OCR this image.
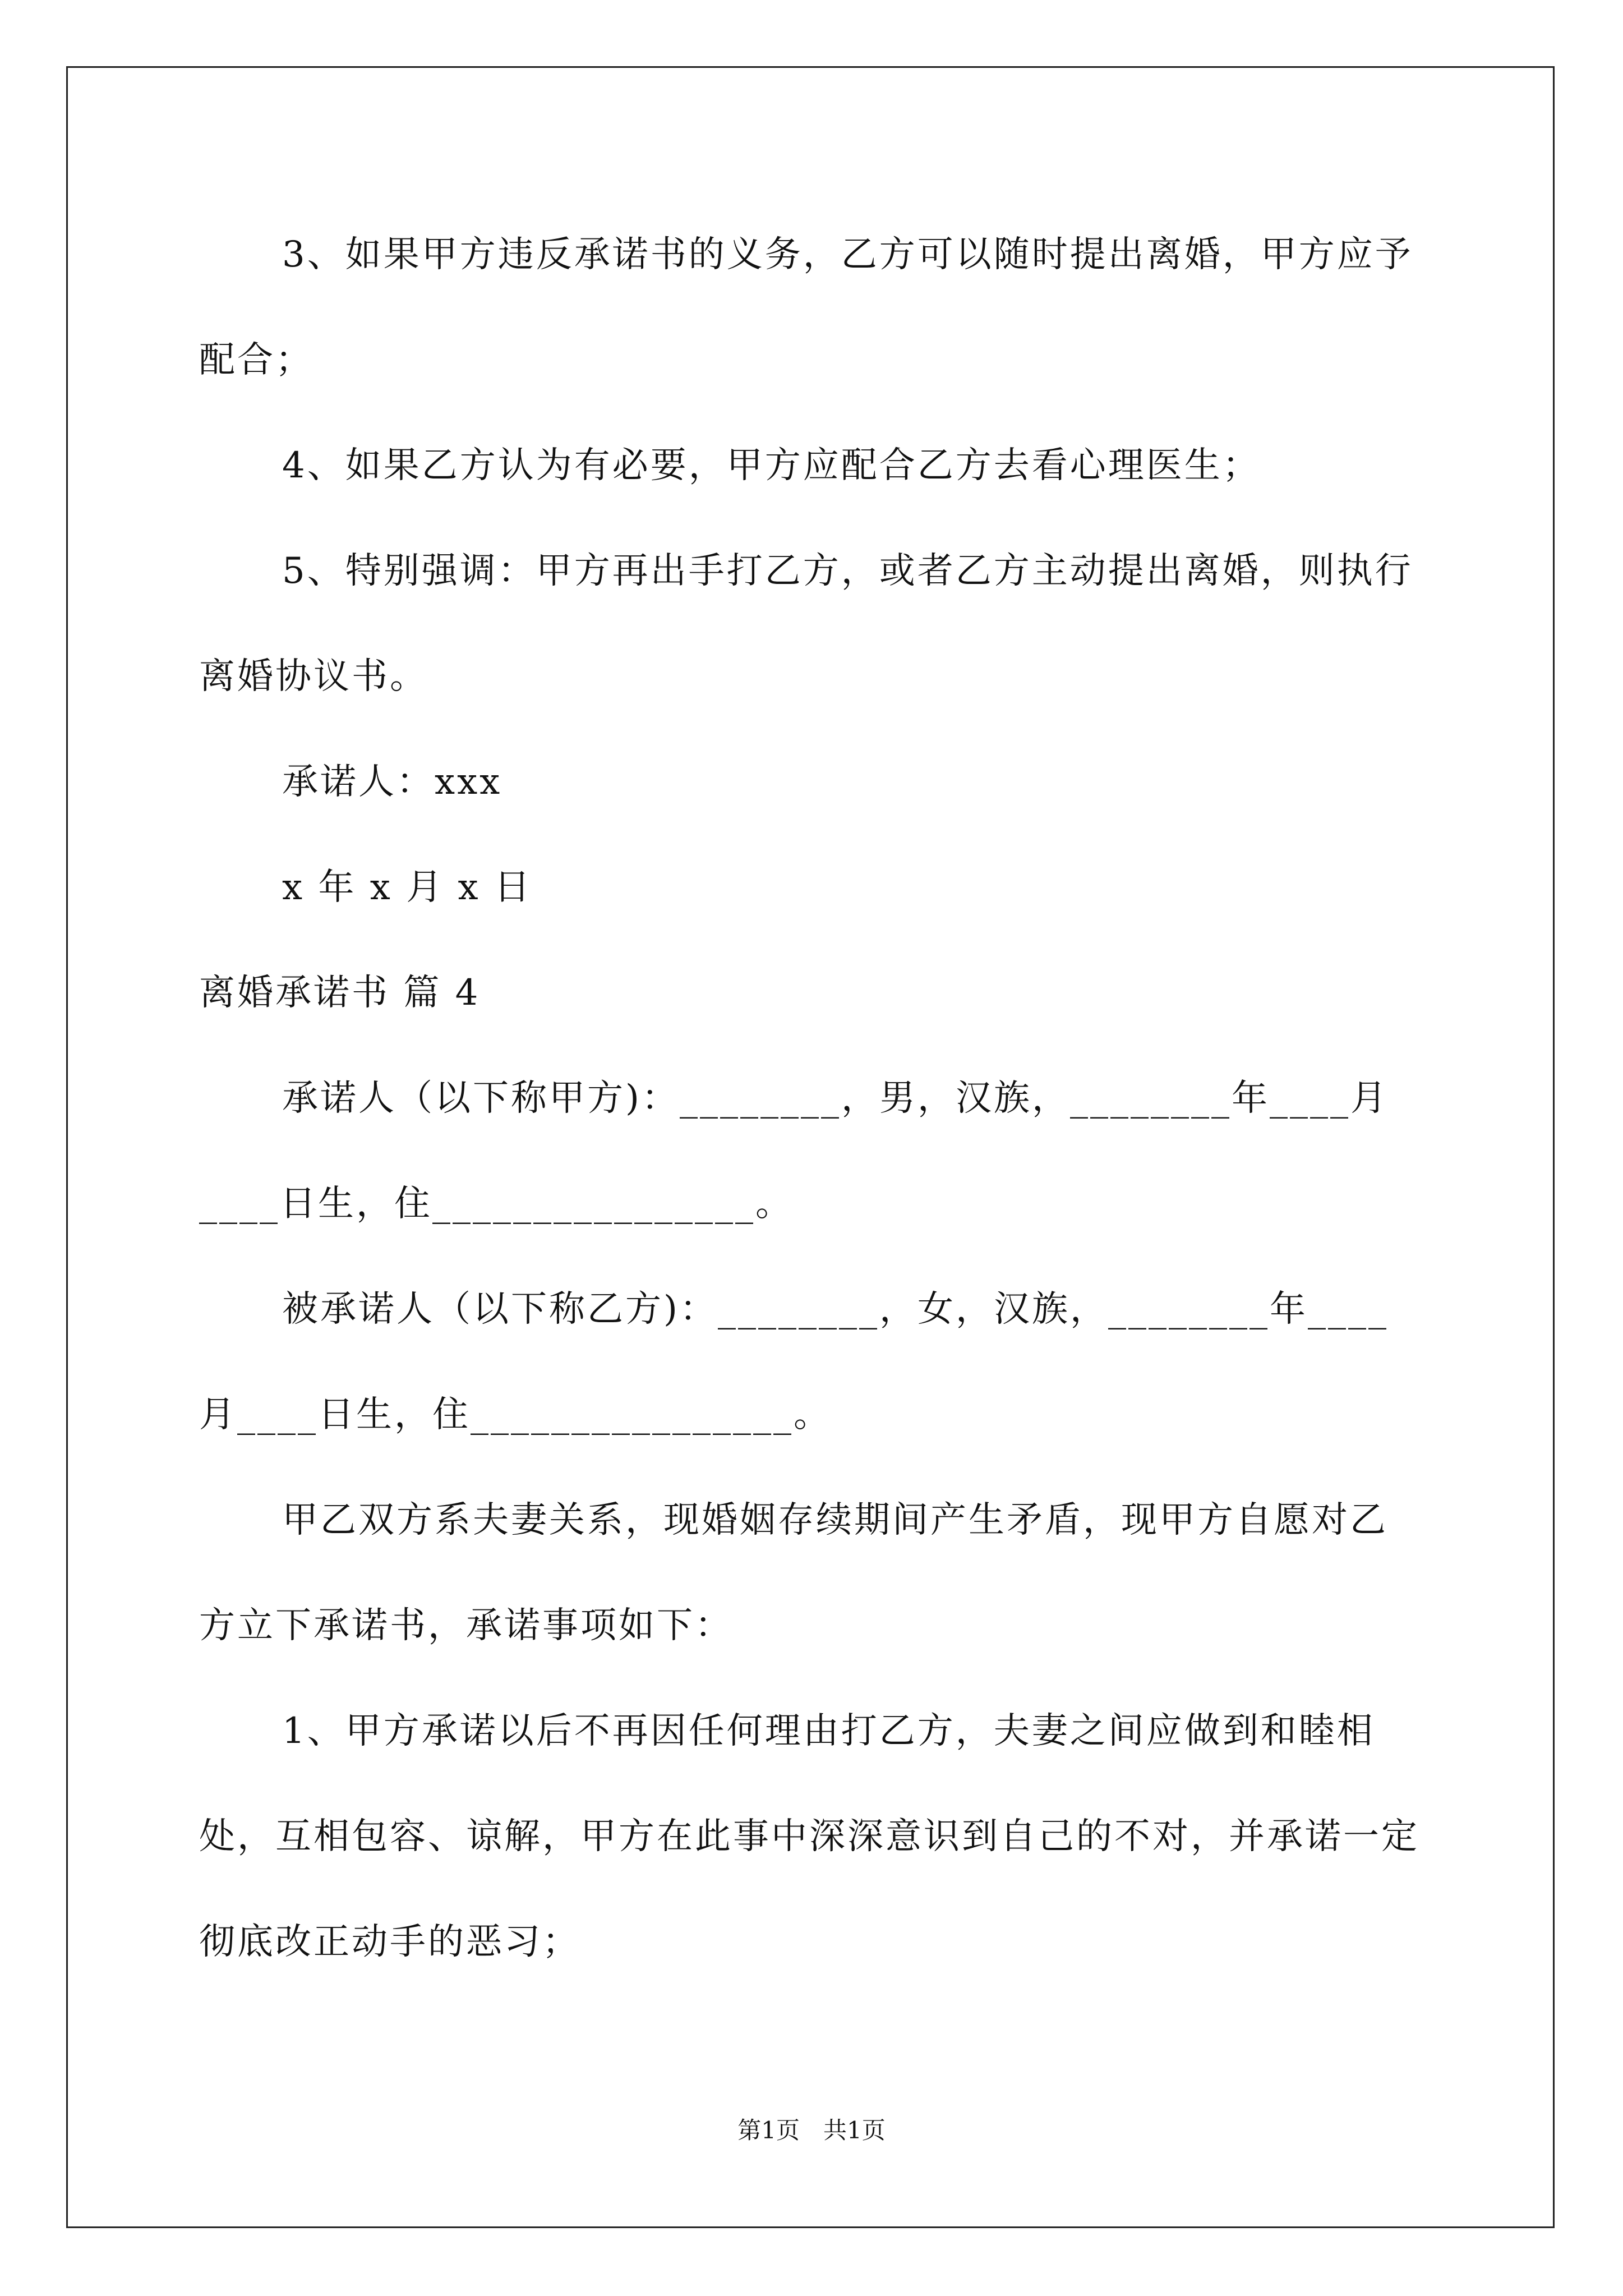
3、如果甲方违反承诺书的义务，乙方可以随时提出离婚，甲方应予配合；

4、如果乙方认为有必要，甲方应配合乙方去看心理医生；

5、特别强调：甲方再出手打乙方，或者乙方主动提出离婚，则执行离婚协议书。

承诺人：xxx

x 年 x 月 x 日

离婚承诺书 篇 4

承诺人（以下称甲方)：________，男，汉族，________年____月____日生，住________________。

被承诺人（以下称乙方)：________，女，汉族，________年____月____日生，住________________。

甲乙双方系夫妻关系，现婚姻存续期间产生矛盾，现甲方自愿对乙方立下承诺书，承诺事项如下：

1、甲方承诺以后不再因任何理由打乙方，夫妻之间应做到和睦相处，互相包容、谅解，甲方在此事中深深意识到自己的不对，并承诺一定彻底改正动手的恶习；

第1页 共1页
